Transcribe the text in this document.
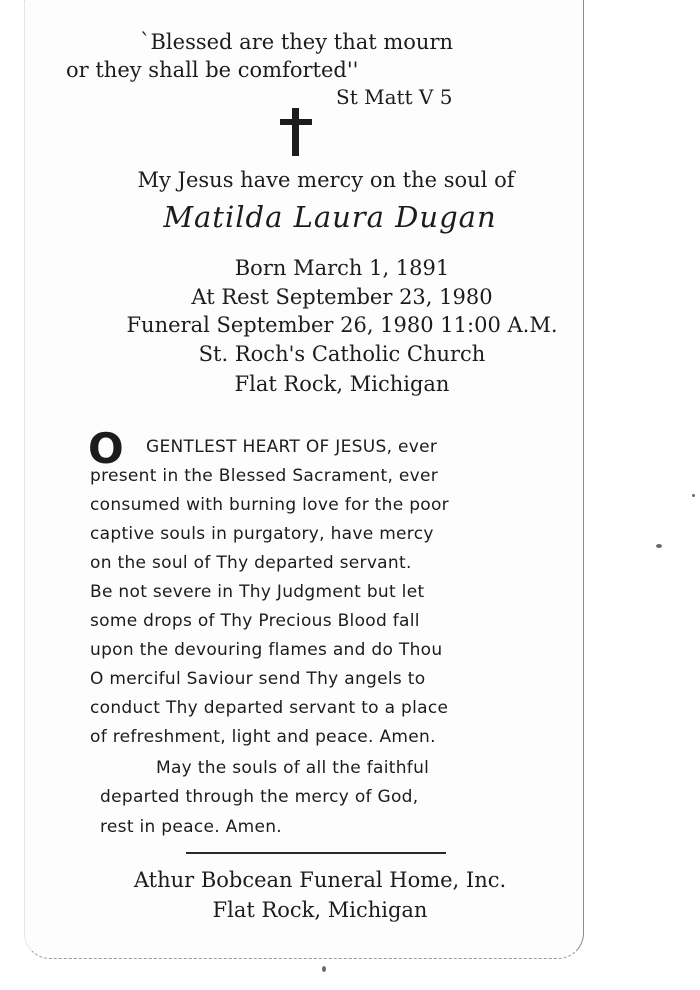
`Blessed are they that mourn
or they shall be comforted''
St Matt V 5
My Jesus have mercy on the soul of
Matilda Laura Dugan
Born March 1, 1891
At Rest September 23, 1980
Funeral September 26, 1980 11:00 A.M.
St. Roch's Catholic Church
Flat Rock, Michigan
O GENTLEST HEART OF JESUS, ever
present in the Blessed Sacrament, ever
consumed with burning love for the poor
captive souls in purgatory, have mercy
on the soul of Thy departed servant.
Be not severe in Thy Judgment but let
some drops of Thy Precious Blood fall
upon the devouring flames and do Thou
O merciful Saviour send Thy angels to
conduct Thy departed servant to a place
of refreshment, light and peace. Amen.
May the souls of all the faithful
departed through the mercy of God,
rest in peace. Amen.
Athur Bobcean Funeral Home, Inc.
Flat Rock, Michigan
